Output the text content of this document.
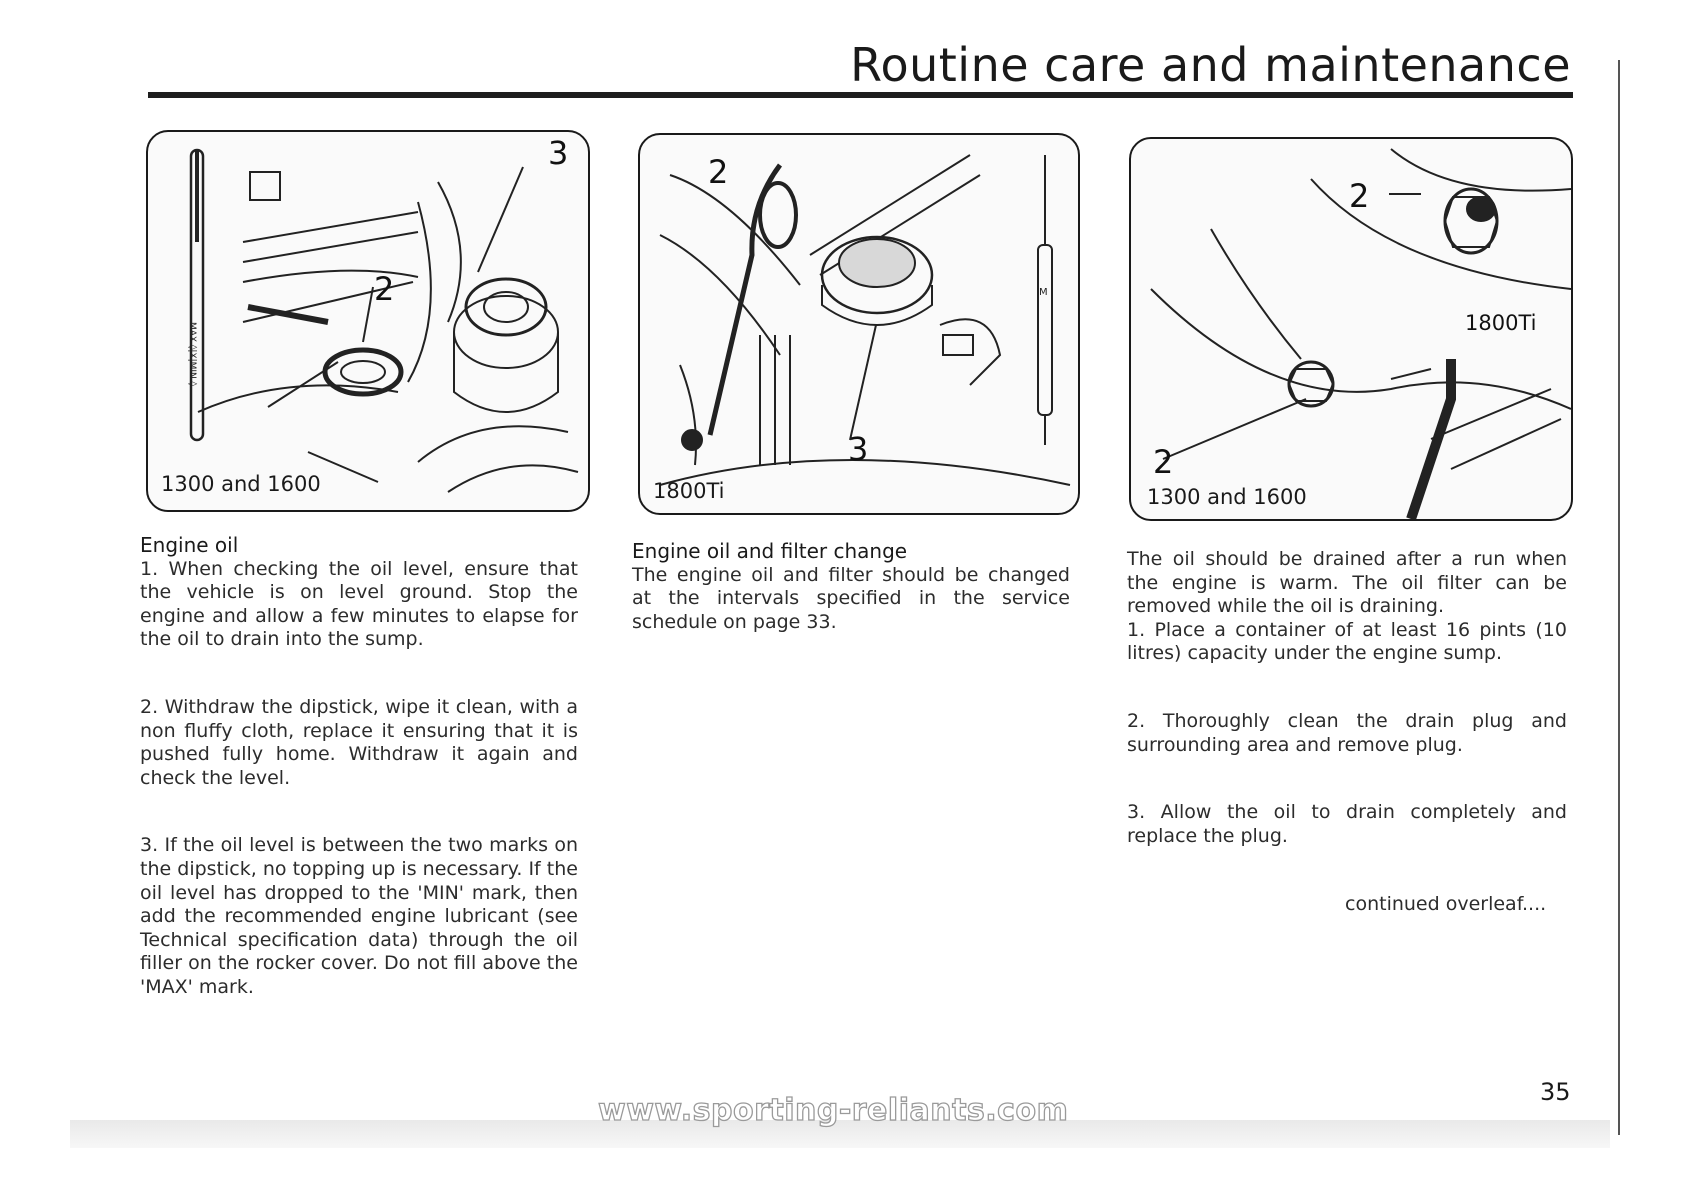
Routine care and maintenance
MAX ◊|X|MIN ◊
3
2
1300 and 1600
M
2
3
1800Ti
2
1800Ti
2
1300 and 1600
Engine oil

1. When checking the oil level, ensure that the vehicle is on level ground. Stop the engine and allow a few minutes to elapse for the oil to drain into the sump.

2. Withdraw the dipstick, wipe it clean, with a non fluffy cloth, replace it ensuring that it is pushed fully home. Withdraw it again and check the level.

3. If the oil level is between the two marks on the dipstick, no topping up is necessary. If the oil level has dropped to the 'MIN' mark, then add the recommended engine lubricant (see Technical specification data) through the oil filler on the rocker cover. Do not fill above the 'MAX' mark.

Engine oil and filter change

The engine oil and filter should be changed at the intervals specified in the service schedule on page 33.

The oil should be drained after a run when the engine is warm. The oil filter can be removed while the oil is draining.

1. Place a container of at least 16 pints (10 litres) capacity under the engine sump.

2. Thoroughly clean the drain plug and surrounding area and remove plug.

3. Allow the oil to drain completely and replace the plug.

continued overleaf....
35
www.sporting-reliants.com
